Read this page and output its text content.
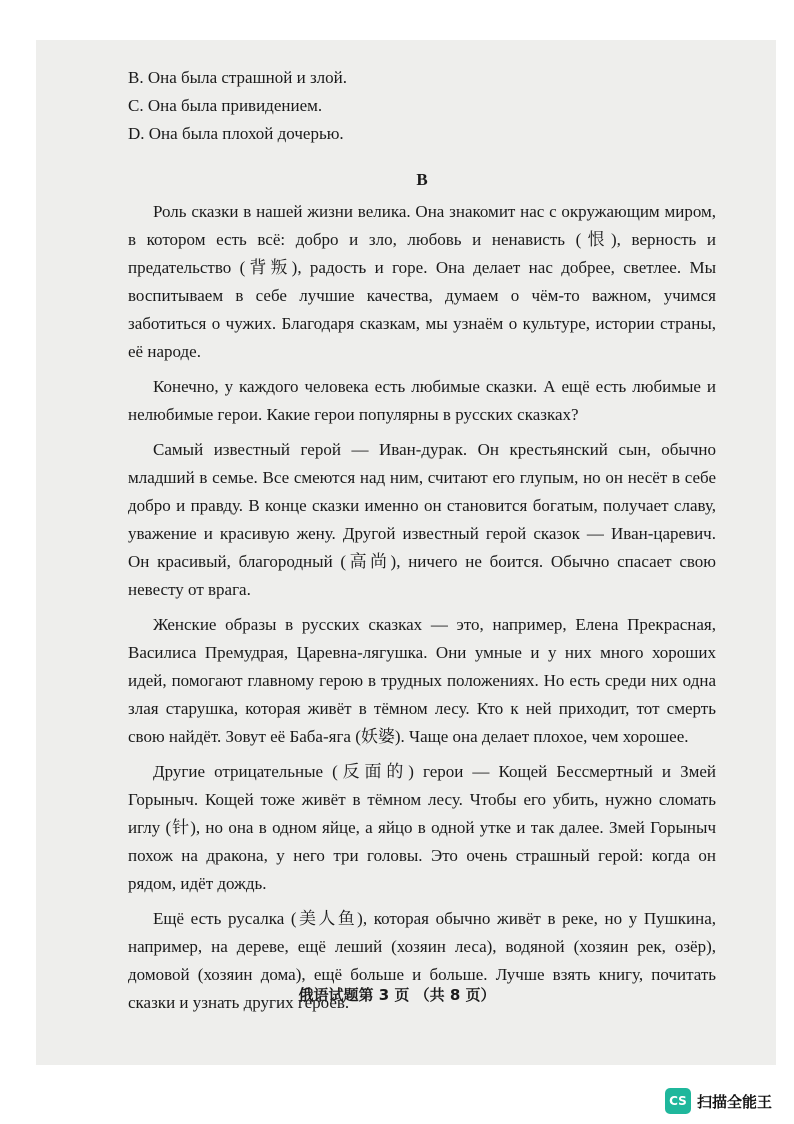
B. Она была страшной и злой.

C. Она была привидением.

D. Она была плохой дочерью.

B

Роль сказки в нашей жизни велика. Она знакомит нас с окружающим миром, в котором есть всё: добро и зло, любовь и ненависть (恨), верность и предательство (背叛), радость и горе. Она делает нас добрее, светлее. Мы воспитываем в себе лучшие качества, думаем о чём-то важном, учимся заботиться о чужих. Благодаря сказкам, мы узнаём о культуре, истории страны, её народе.

Конечно, у каждого человека есть любимые сказки. А ещё есть любимые и нелюбимые герои. Какие герои популярны в русских сказках?

Самый известный герой — Иван-дурак. Он крестьянский сын, обычно младший в семье. Все смеются над ним, считают его глупым, но он несёт в себе добро и правду. В конце сказки именно он становится богатым, получает славу, уважение и красивую жену. Другой известный герой сказок — Иван-царевич. Он красивый, благородный (高尚), ничего не боится. Обычно спасает свою невесту от врага.

Женские образы в русских сказках — это, например, Елена Прекрасная, Василиса Премудрая, Царевна-лягушка. Они умные и у них много хороших идей, помогают главному герою в трудных положениях. Но есть среди них одна злая старушка, которая живёт в тёмном лесу. Кто к ней приходит, тот смерть свою найдёт. Зовут её Баба-яга (妖婆). Чаще она делает плохое, чем хорошее.

Другие отрицательные (反面的) герои — Кощей Бессмертный и Змей Горыныч. Кощей тоже живёт в тёмном лесу. Чтобы его убить, нужно сломать иглу (针), но она в одном яйце, а яйцо в одной утке и так далее. Змей Горыныч похож на дракона, у него три головы. Это очень страшный герой: когда он рядом, идёт дождь.

Ещё есть русалка (美人鱼), которая обычно живёт в реке, но у Пушкина, например, на дереве, ещё леший (хозяин леса), водяной (хозяин рек, озёр), домовой (хозяин дома), ещё больше и больше. Лучше взять книгу, почитать сказки и узнать других героев.

俄语试题第 3 页 （共 8 页）
CS 扫描全能王
